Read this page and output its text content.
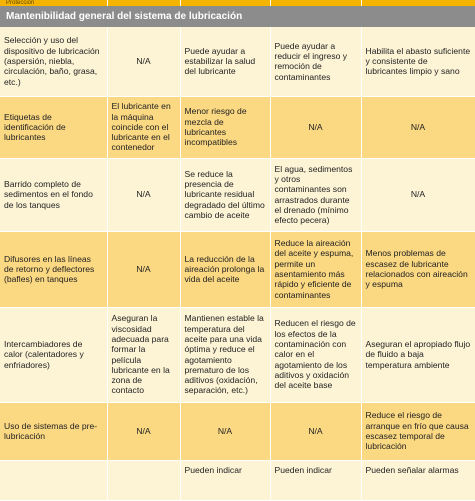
Protección
Mantenibilidad general del sistema de lubricación
Selección y uso del dispositivo de lubricación (aspersión, niebla, circulación, baño, grasa, etc.)	N/A	Puede ayudar a estabilizar la salud del lubricante	Puede ayudar a reducir el ingreso y remoción de contaminantes	Habilita el abasto suficiente y consistente de lubricantes limpio y sano
Etiquetas de identificación de lubricantes	El lubricante en la máquina coincide con el lubricante en el contenedor	Menor riesgo de mezcla de lubricantes incompatibles	N/A	N/A
Barrido completo de sedimentos en el fondo de los tanques	N/A	Se reduce la presencia de lubricante residual degradado del último cambio de aceite	El agua, sedimentos y otros contaminantes son arrastrados durante el drenado (mínimo efecto pecera)	N/A
Difusores en las líneas de retorno y deflectores (bafles) en tanques	N/A	La reducción de la aireación prolonga la vida del aceite	Reduce la aireación del aceite y espuma, permite un asentamiento más rápido y eficiente de contaminantes	Menos problemas de escasez de lubricante relacionados con aireación y espuma
Intercambiadores de calor (calentadores y enfriadores)	Aseguran la viscosidad adecuada para formar la película lubricante en la zona de contacto	Mantienen estable la temperatura del aceite para una vida óptima y reduce el agotamiento prematuro de los aditivos (oxidación, separación, etc.)	Reducen el riesgo de los efectos de la contaminación con calor en el agotamiento de los aditivos y oxidación del aceite base	Aseguran el apropiado flujo de fluido a baja temperatura ambiente
Uso de sistemas de pre-lubricación	N/A	N/A	N/A	Reduce el riesgo de arranque en frío que causa escasez temporal de lubricación
		Pueden indicar	Pueden indicar	Pueden señalar alarmas
